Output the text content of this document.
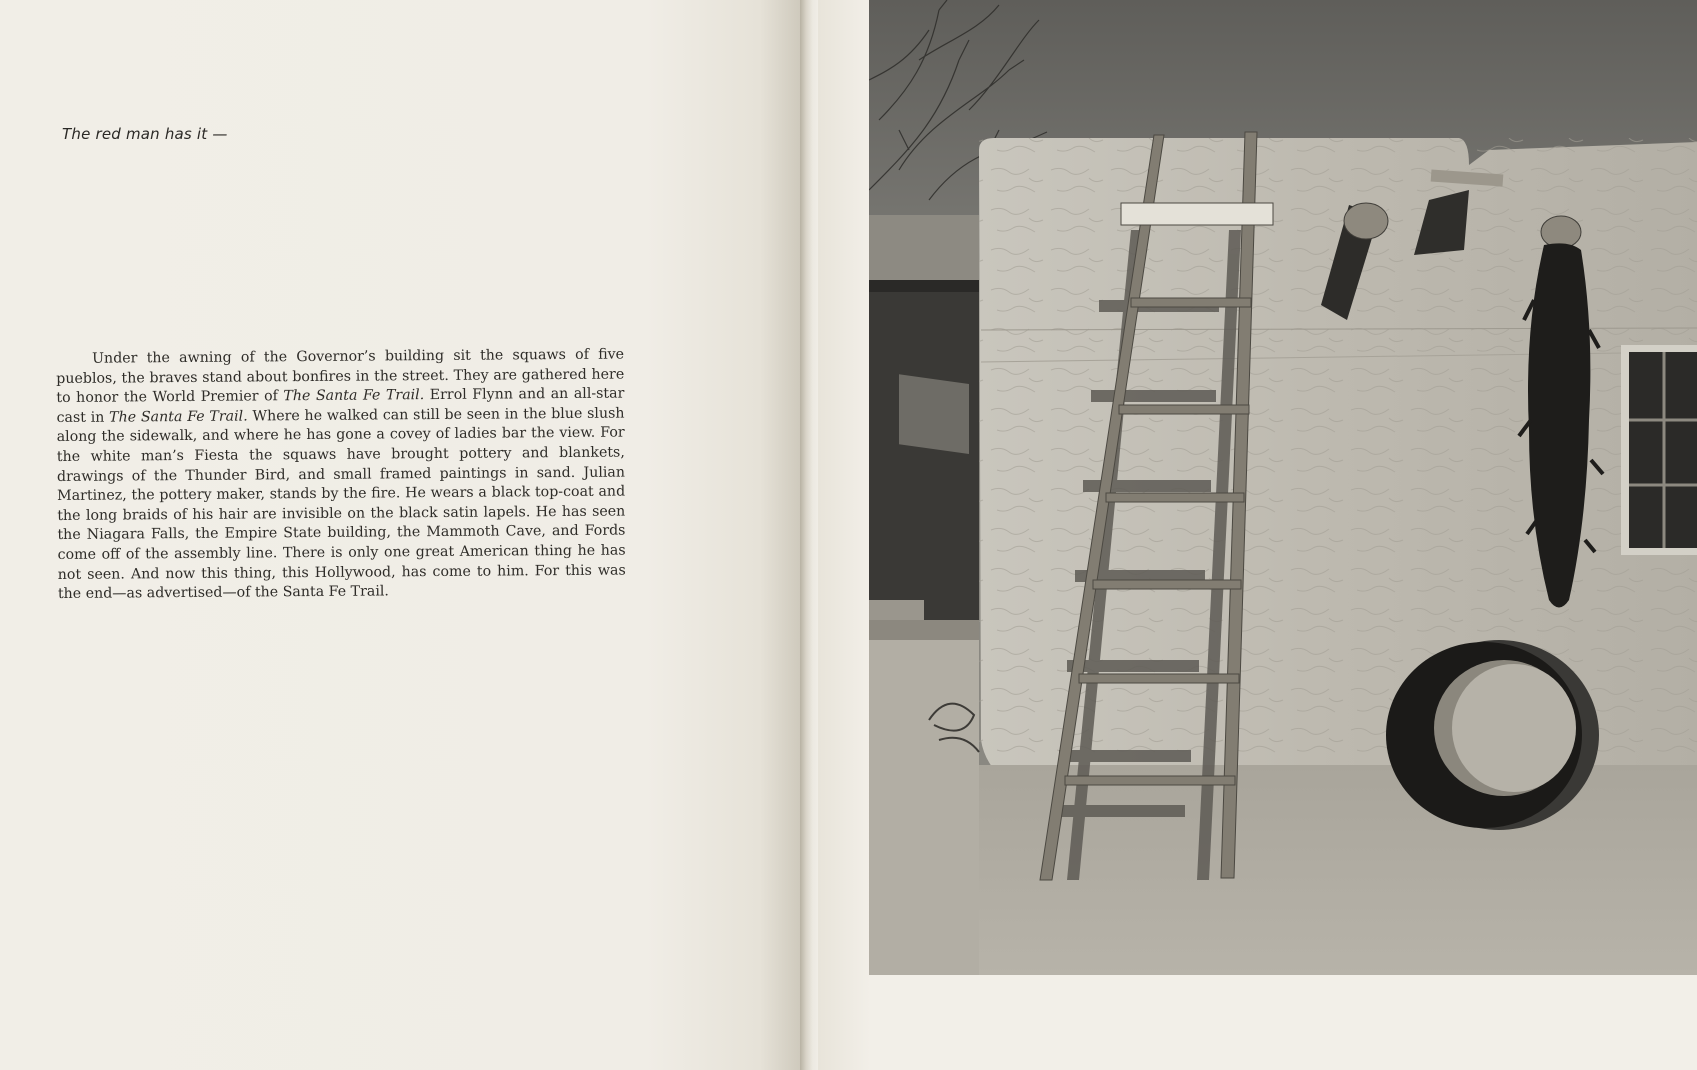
The red man has it —

Under the awning of the Governor’s building sit the squaws of five pueblos, the braves stand about bonfires in the street. They are gathered here to honor the World Premier of The Santa Fe Trail. Errol Flynn and an all-star cast in The Santa Fe Trail. Where he walked can still be seen in the blue slush along the sidewalk, and where he has gone a covey of ladies bar the view. For the white man’s Fiesta the squaws have brought pottery and blankets, drawings of the Thunder Bird, and small framed paintings in sand. Julian Martinez, the pottery maker, stands by the fire. He wears a black top-coat and the long braids of his hair are invisible on the black satin lapels. He has seen the Niagara Falls, the Empire State building, the Mammoth Cave, and Fords come off of the assembly line. There is only one great American thing he has not seen. And now this thing, this Hollywood, has come to him. For this was the end—as advertised—of the Santa Fe Trail.
